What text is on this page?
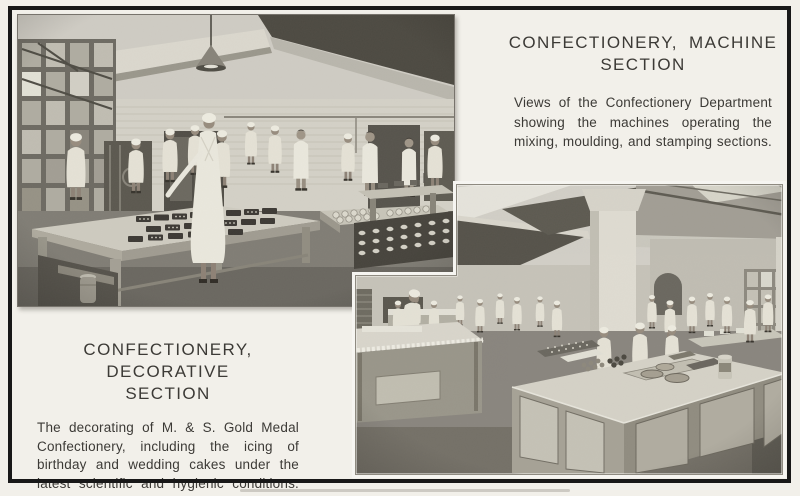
CONFECTIONERY, MACHINE
SECTION
Views of the Confectionery Department
showing the machines operating the
mixing, moulding, and stamping sections.
CONFECTIONERY, DECORATIVE
SECTION
The decorating of M. & S. Gold Medal
Confectionery, including the icing of
birthday and wedding cakes under the
latest scientific and hygienic conditions.
